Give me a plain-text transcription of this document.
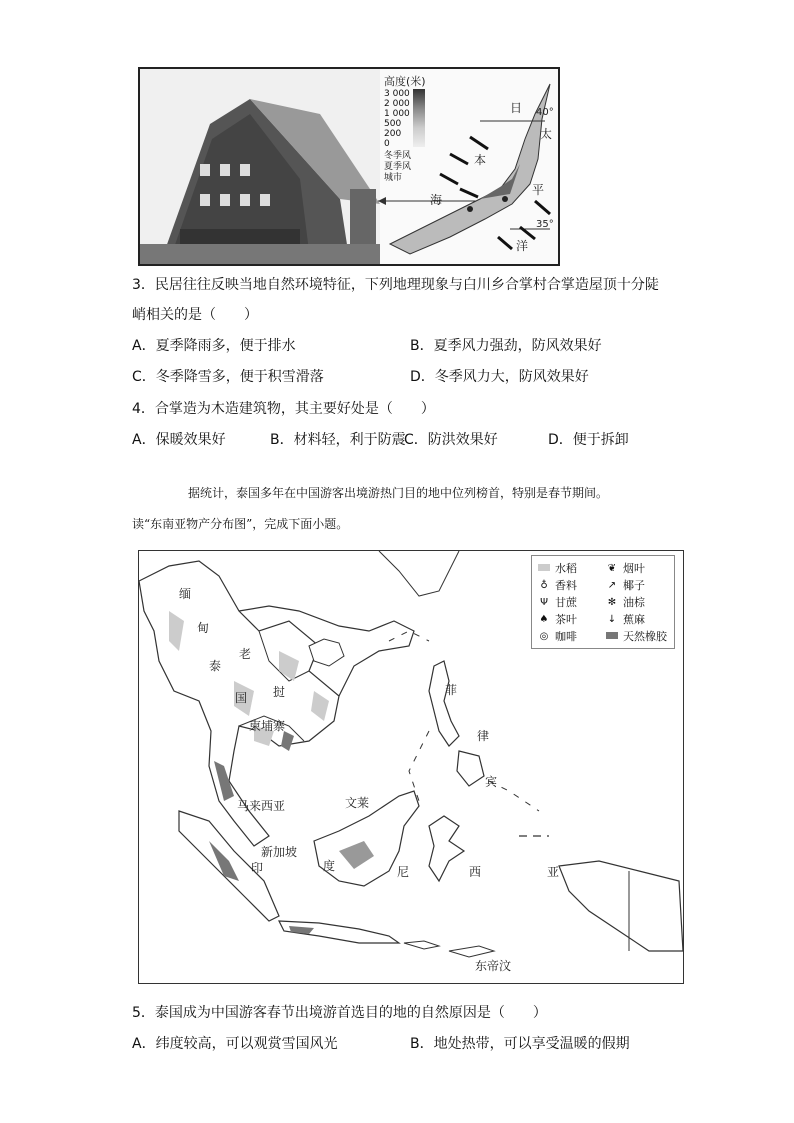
高度(米)
3 000
2 000
1 000
500
200
0
冬季风
夏季风
城市
日
本
海
太
平
洋
40°
35°
3．民居往往反映当地自然环境特征，下列地理现象与白川乡合掌村合掌造屋顶十分陡
峭相关的是（　　）
A．夏季降雨多，便于排水	B．夏季风力强劲，防风效果好
C．冬季降雪多，便于积雪滑落	D．冬季风力大，防风效果好
4．合掌造为木造建筑物，其主要好处是（　　）
A．保暖效果好	B．材料轻，利于防震
C．防洪效果好	D．便于拆卸
据统计，泰国多年在中国游客出境游热门目的地中位列榜首，特别是春节期间。
读“东南亚物产分布图”，完成下面小题。
水稻	❦ 烟叶
♁ 香料	↗ 椰子
Ψ 甘蔗	✻ 油棕
♠ 茶叶	↓ 蕉麻
◎ 咖啡	天然橡胶
缅
甸
老
泰
国 挝
柬埔寨
马来西亚	文莱
新加坡
菲
律
宾
印	度	尼	西	亚
东帝汶
5．泰国成为中国游客春节出境游首选目的地的自然原因是（　　）
A．纬度较高，可以观赏雪国风光	B．地处热带，可以享受温暖的假期
